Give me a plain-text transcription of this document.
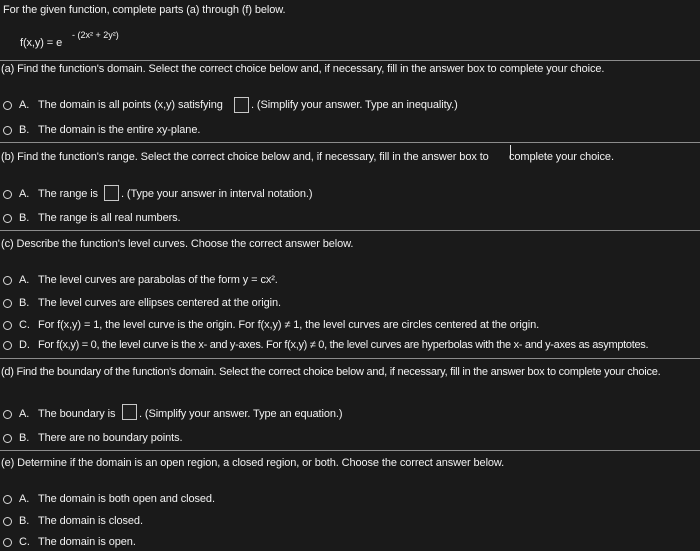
For the given function, complete parts (a) through (f) below.
f(x,y) = e
- (2x² + 2y²)
(a) Find the function's domain. Select the correct choice below and, if necessary, fill in the answer box to complete your choice.
A. The domain is all points (x,y) satisfying	. (Simplify your answer. Type an inequality.)
B. The domain is the entire xy-plane.
(b) Find the function's range. Select the correct choice below and, if necessary, fill in the answer box to complete your choice.
A. The range is . (Type your answer in interval notation.)
B. The range is all real numbers.
(c) Describe the function's level curves. Choose the correct answer below.
A. The level curves are parabolas of the form y = cx².
B. The level curves are ellipses centered at the origin.
C. For f(x,y) = 1, the level curve is the origin. For f(x,y) ≠ 1, the level curves are circles centered at the origin.
D. For f(x,y) = 0, the level curve is the x- and y-axes. For f(x,y) ≠ 0, the level curves are hyperbolas with the x- and y-axes as asymptotes.
(d) Find the boundary of the function's domain. Select the correct choice below and, if necessary, fill in the answer box to complete your choice.
A. The boundary is . (Simplify your answer. Type an equation.)
B. There are no boundary points.
(e) Determine if the domain is an open region, a closed region, or both. Choose the correct answer below.
A. The domain is both open and closed.
B. The domain is closed.
C. The domain is open.
